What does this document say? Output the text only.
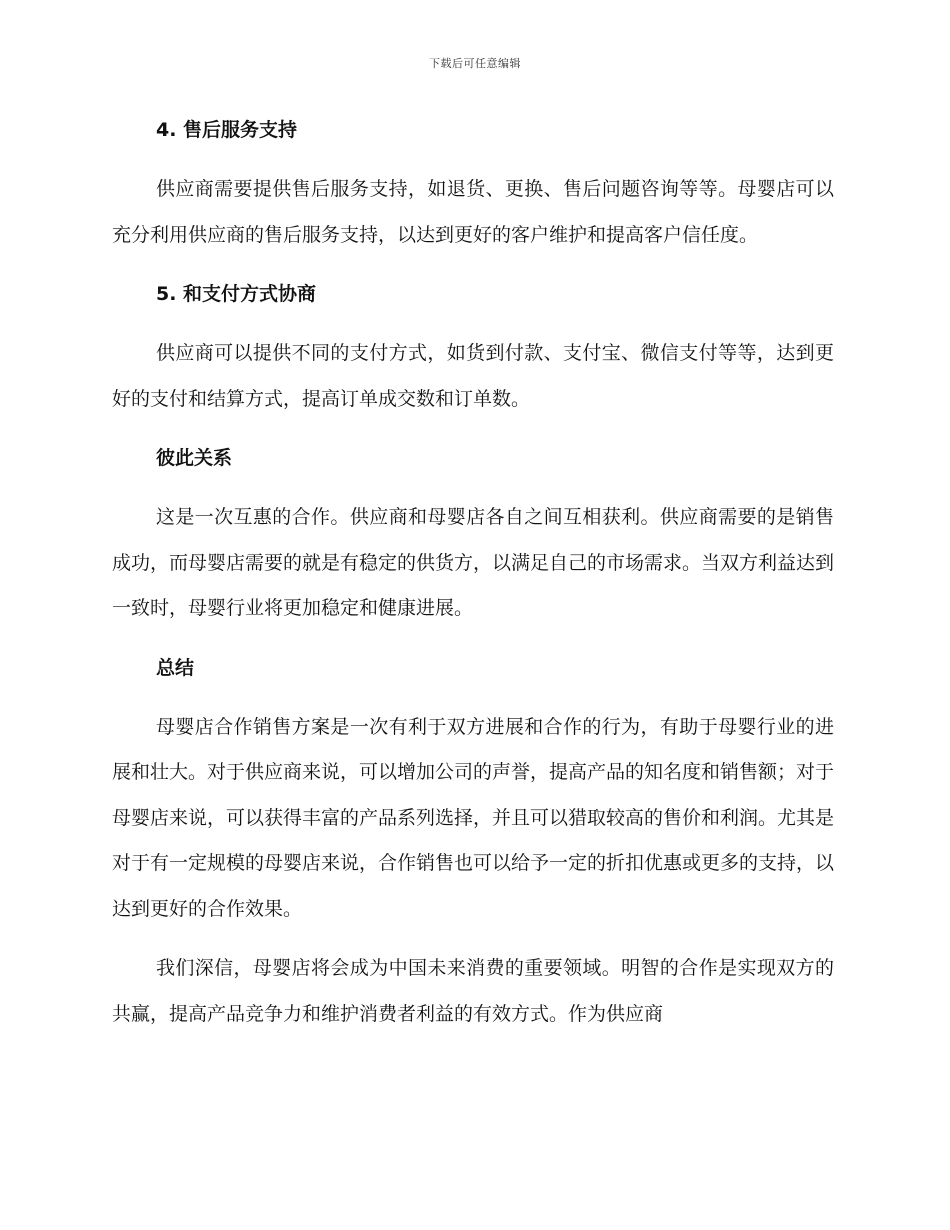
下载后可任意编辑
4. 售后服务支持

供应商需要提供售后服务支持，如退货、更换、售后问题咨询等等。母婴店可以充分利用供应商的售后服务支持，以达到更好的客户维护和提高客户信任度。

5. 和支付方式协商

供应商可以提供不同的支付方式，如货到付款、支付宝、微信支付等等，达到更好的支付和结算方式，提高订单成交数和订单数。

彼此关系

这是一次互惠的合作。供应商和母婴店各自之间互相获利。供应商需要的是销售成功，而母婴店需要的就是有稳定的供货方，以满足自己的市场需求。当双方利益达到一致时，母婴行业将更加稳定和健康进展。

总结

母婴店合作销售方案是一次有利于双方进展和合作的行为，有助于母婴行业的进展和壮大。对于供应商来说，可以增加公司的声誉，提高产品的知名度和销售额；对于母婴店来说，可以获得丰富的产品系列选择，并且可以猎取较高的售价和利润。尤其是对于有一定规模的母婴店来说，合作销售也可以给予一定的折扣优惠或更多的支持，以达到更好的合作效果。

我们深信，母婴店将会成为中国未来消费的重要领域。明智的合作是实现双方的共赢，提高产品竞争力和维护消费者利益的有效方式。作为供应商
